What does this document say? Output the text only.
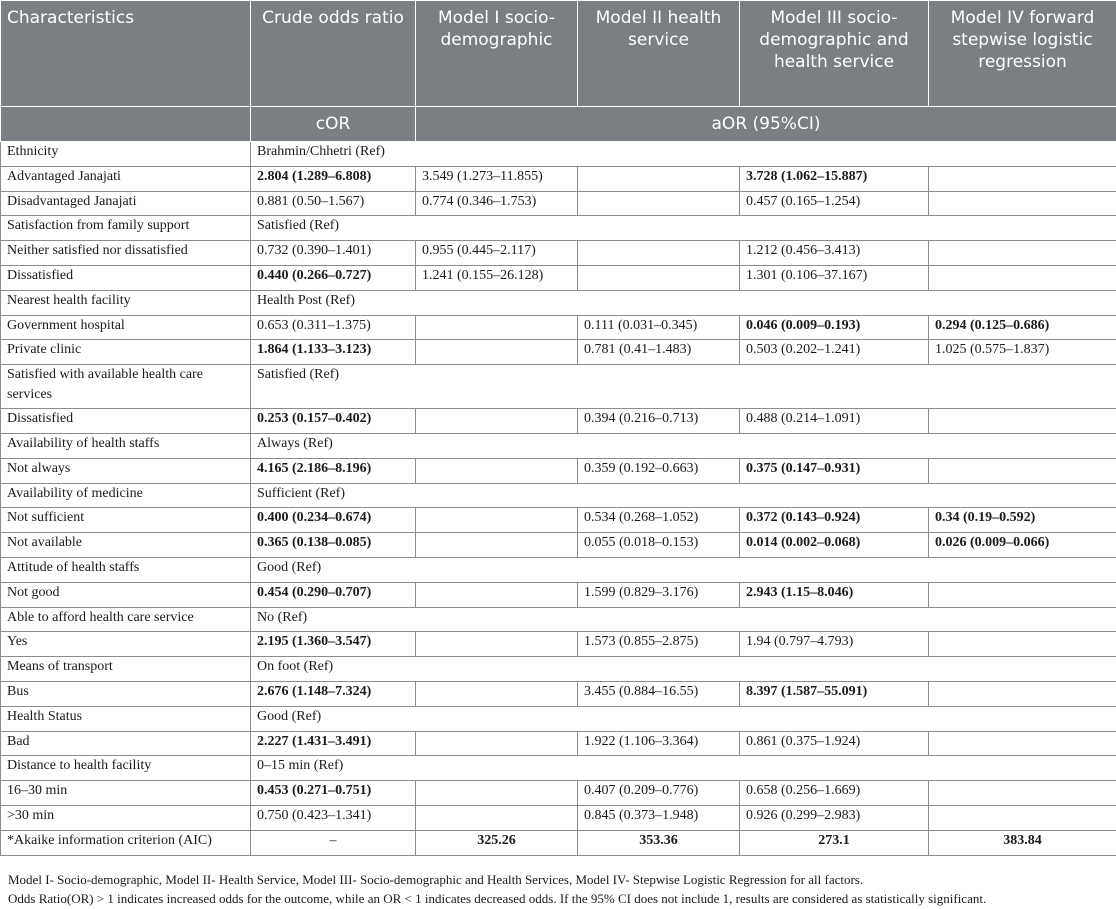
Characteristics	Crude odds ratio	Model I socio-demographic	Model II health service	Model III socio-demographic and health service	Model IV forward stepwise logistic regression
	cOR	aOR (95%CI)			
Ethnicity	Brahmin/Chhetri (Ref)				
Advantaged Janajati	2.804 (1.289–6.808)	3.549 (1.273–11.855)		3.728 (1.062–15.887)	
Disadvantaged Janajati	0.881 (0.50–1.567)	0.774 (0.346–1.753)		0.457 (0.165–1.254)	
Satisfaction from family support	Satisfied (Ref)				
Neither satisfied nor dissatisfied	0.732 (0.390–1.401)	0.955 (0.445–2.117)		1.212 (0.456–3.413)	
Dissatisfied	0.440 (0.266–0.727)	1.241 (0.155–26.128)		1.301 (0.106–37.167)	
Nearest health facility	Health Post (Ref)				
Government hospital	0.653 (0.311–1.375)		0.111 (0.031–0.345)	0.046 (0.009–0.193)	0.294 (0.125–0.686)
Private clinic	1.864 (1.133–3.123)		0.781 (0.41–1.483)	0.503 (0.202–1.241)	1.025 (0.575–1.837)
Satisfied with available health care services	Satisfied (Ref)				
Dissatisfied	0.253 (0.157–0.402)		0.394 (0.216–0.713)	0.488 (0.214–1.091)	
Availability of health staffs	Always (Ref)				
Not always	4.165 (2.186–8.196)		0.359 (0.192–0.663)	0.375 (0.147–0.931)	
Availability of medicine	Sufficient (Ref)				
Not sufficient	0.400 (0.234–0.674)		0.534 (0.268–1.052)	0.372 (0.143–0.924)	0.34 (0.19–0.592)
Not available	0.365 (0.138–0.085)		0.055 (0.018–0.153)	0.014 (0.002–0.068)	0.026 (0.009–0.066)
Attitude of health staffs	Good (Ref)				
Not good	0.454 (0.290–0.707)		1.599 (0.829–3.176)	2.943 (1.15–8.046)	
Able to afford health care service	No (Ref)				
Yes	2.195 (1.360–3.547)		1.573 (0.855–2.875)	1.94 (0.797–4.793)	
Means of transport	On foot (Ref)				
Bus	2.676 (1.148–7.324)		3.455 (0.884–16.55)	8.397 (1.587–55.091)	
Health Status	Good (Ref)				
Bad	2.227 (1.431–3.491)		1.922 (1.106–3.364)	0.861 (0.375–1.924)	
Distance to health facility	0–15 min (Ref)				
16–30 min	0.453 (0.271–0.751)		0.407 (0.209–0.776)	0.658 (0.256–1.669)	
>30 min	0.750 (0.423–1.341)		0.845 (0.373–1.948)	0.926 (0.299–2.983)	
*Akaike information criterion (AIC)	–	325.26	353.36	273.1	383.84
Model I- Socio-demographic, Model II- Health Service, Model III- Socio-demographic and Health Services, Model IV- Stepwise Logistic Regression for all factors.
Odds Ratio(OR) > 1 indicates increased odds for the outcome, while an OR < 1 indicates decreased odds. If the 95% CI does not include 1, results are considered as statistically significant.
